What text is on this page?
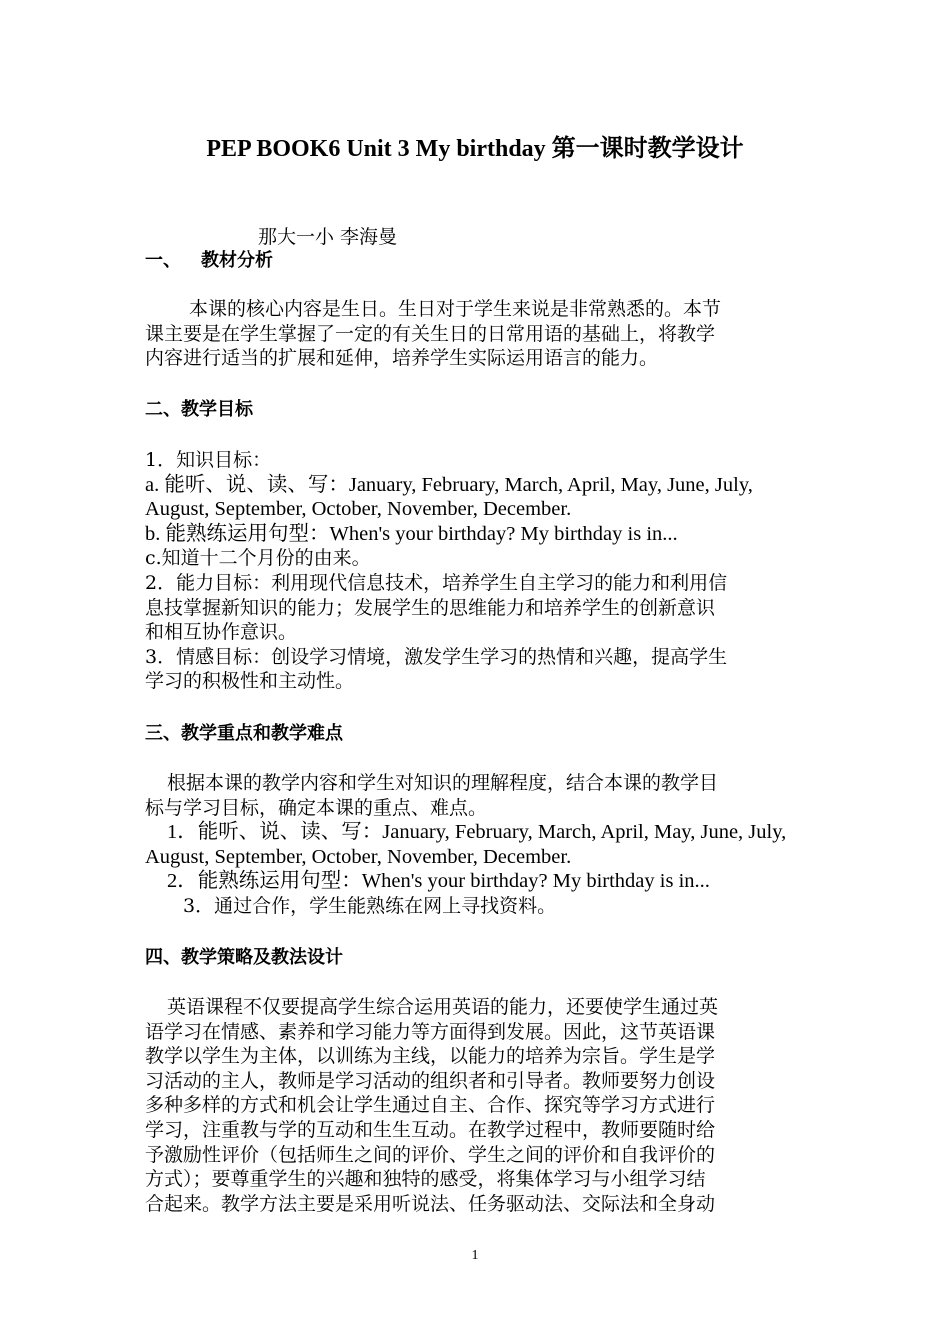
PEP BOOK6 Unit 3 My birthday 第一课时教学设计
那大一小 李海曼
一、 教材分析
本课的核心内容是生日。生日对于学生来说是非常熟悉的。本节
课主要是在学生掌握了一定的有关生日的日常用语的基础上，将教学
内容进行适当的扩展和延伸，培养学生实际运用语言的能力。
二、教学目标
1．知识目标：
a. 能听、说、读、写：January, February, March, April, May, June, July,
August, September, October, November, December.
b. 能熟练运用句型：When's your birthday? My birthday is in...
c.知道十二个月份的由来。
2．能力目标：利用现代信息技术，培养学生自主学习的能力和利用信
息技掌握新知识的能力；发展学生的思维能力和培养学生的创新意识
和相互协作意识。
3．情感目标：创设学习情境，激发学生学习的热情和兴趣，提高学生
学习的积极性和主动性。
三、教学重点和教学难点
根据本课的教学内容和学生对知识的理解程度，结合本课的教学目
标与学习目标，确定本课的重点、难点。
1．能听、说、读、写：January, February, March, April, May, June, July,
August, September, October, November, December.
2．能熟练运用句型：When's your birthday? My birthday is in...
3．通过合作，学生能熟练在网上寻找资料。
四、教学策略及教法设计
英语课程不仅要提高学生综合运用英语的能力，还要使学生通过英
语学习在情感、素养和学习能力等方面得到发展。因此，这节英语课
教学以学生为主体，以训练为主线，以能力的培养为宗旨。学生是学
习活动的主人，教师是学习活动的组织者和引导者。教师要努力创设
多种多样的方式和机会让学生通过自主、合作、探究等学习方式进行
学习，注重教与学的互动和生生互动。在教学过程中，教师要随时给
予激励性评价（包括师生之间的评价、学生之间的评价和自我评价的
方式）；要尊重学生的兴趣和独特的感受，将集体学习与小组学习结
合起来。教学方法主要是采用听说法、任务驱动法、交际法和全身动
1
